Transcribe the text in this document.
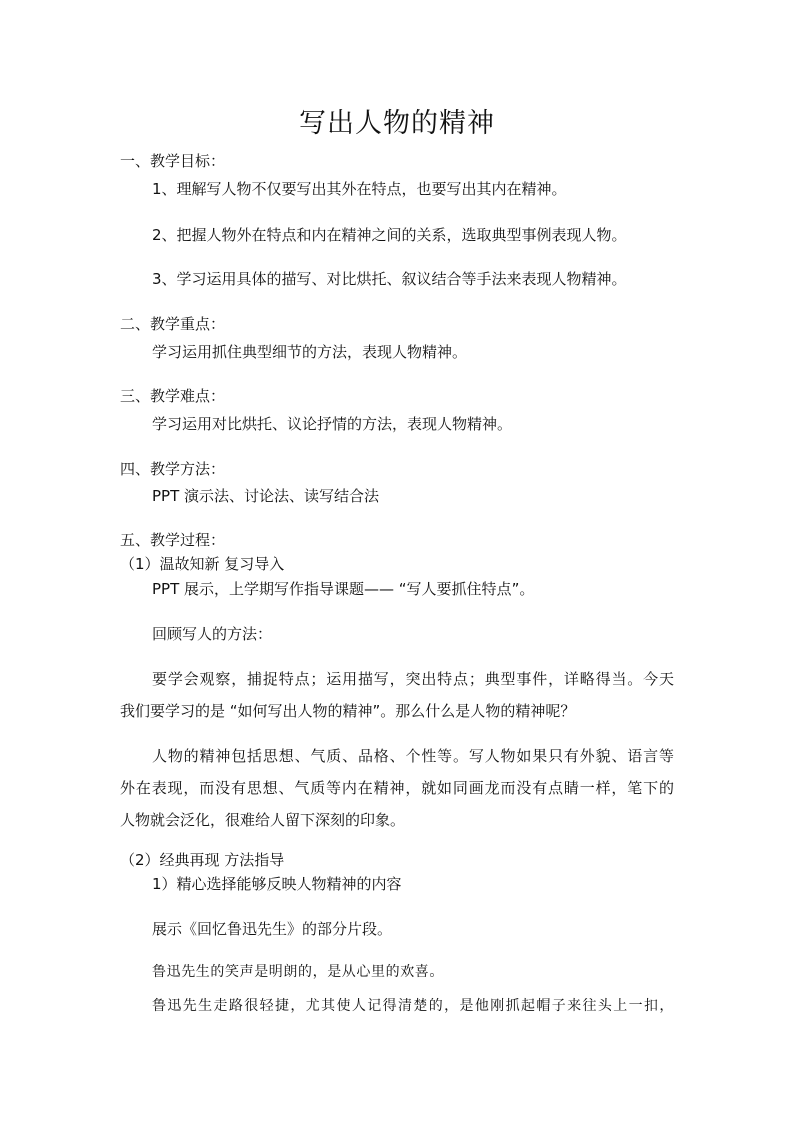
写出人物的精神
一、教学目标：
1、理解写人物不仅要写出其外在特点，也要写出其内在精神。
2、把握人物外在特点和内在精神之间的关系，选取典型事例表现人物。
3、学习运用具体的描写、对比烘托、叙议结合等手法来表现人物精神。
二、教学重点：
学习运用抓住典型细节的方法，表现人物精神。
三、教学难点：
学习运用对比烘托、议论抒情的方法，表现人物精神。
四、教学方法：
PPT 演示法、讨论法、读写结合法
五、教学过程：
（1）温故知新 复习导入
PPT 展示，上学期写作指导课题—— “写人要抓住特点”。
回顾写人的方法：
要学会观察，捕捉特点；运用描写，突出特点；典型事件，详略得当。今天
我们要学习的是 “如何写出人物的精神”。那么什么是人物的精神呢？
人物的精神包括思想、气质、品格、个性等。写人物如果只有外貌、语言等
外在表现，而没有思想、气质等内在精神，就如同画龙而没有点睛一样，笔下的
人物就会泛化，很难给人留下深刻的印象。
（2）经典再现 方法指导
1）精心选择能够反映人物精神的内容
展示《回忆鲁迅先生》的部分片段。
鲁迅先生的笑声是明朗的，是从心里的欢喜。
鲁迅先生走路很轻捷，尤其使人记得清楚的，是他刚抓起帽子来往头上一扣，
